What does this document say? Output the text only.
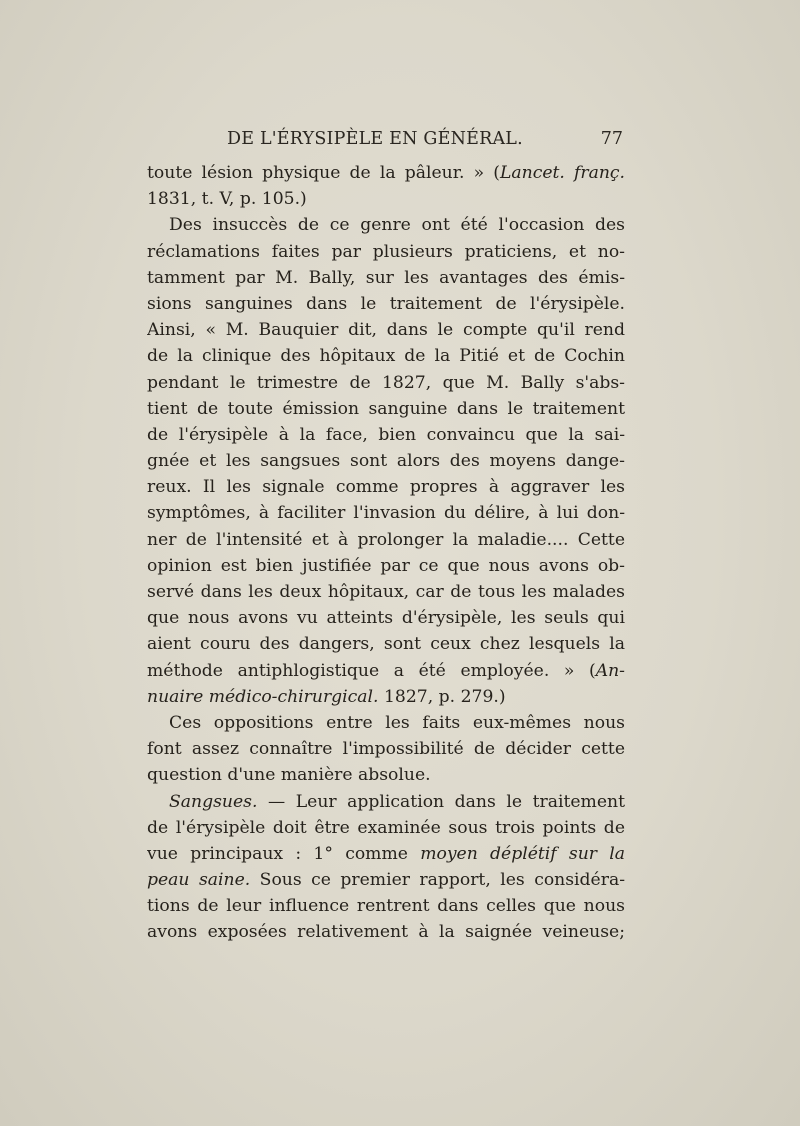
DE L'ÉRYSIPÈLE EN GÉNÉRAL.	77
toute lésion physique de la pâleur. » (Lancet. franç.
1831, t. V, p. 105.)
Des insuccès de ce genre ont été l'occasion des
réclamations faites par plusieurs praticiens, et no-
tamment par M. Bally, sur les avantages des émis-
sions sanguines dans le traitement de l'érysipèle.
Ainsi, « M. Bauquier dit, dans le compte qu'il rend
de la clinique des hôpitaux de la Pitié et de Cochin
pendant le trimestre de 1827, que M. Bally s'abs-
tient de toute émission sanguine dans le traitement
de l'érysipèle à la face, bien convaincu que la sai-
gnée et les sangsues sont alors des moyens dange-
reux. Il les signale comme propres à aggraver les
symptômes, à faciliter l'invasion du délire, à lui don-
ner de l'intensité et à prolonger la maladie.... Cette
opinion est bien justifiée par ce que nous avons ob-
servé dans les deux hôpitaux, car de tous les malades
que nous avons vu atteints d'érysipèle, les seuls qui
aient couru des dangers, sont ceux chez lesquels la
méthode antiphlogistique a été employée. » (An-
nuaire médico-chirurgical. 1827, p. 279.)
Ces oppositions entre les faits eux-mêmes nous
font assez connaître l'impossibilité de décider cette
question d'une manière absolue.
Sangsues. — Leur application dans le traitement
de l'érysipèle doit être examinée sous trois points de
vue principaux : 1° comme moyen déplétif sur la
peau saine. Sous ce premier rapport, les considéra-
tions de leur influence rentrent dans celles que nous
avons exposées relativement à la saignée veineuse;
